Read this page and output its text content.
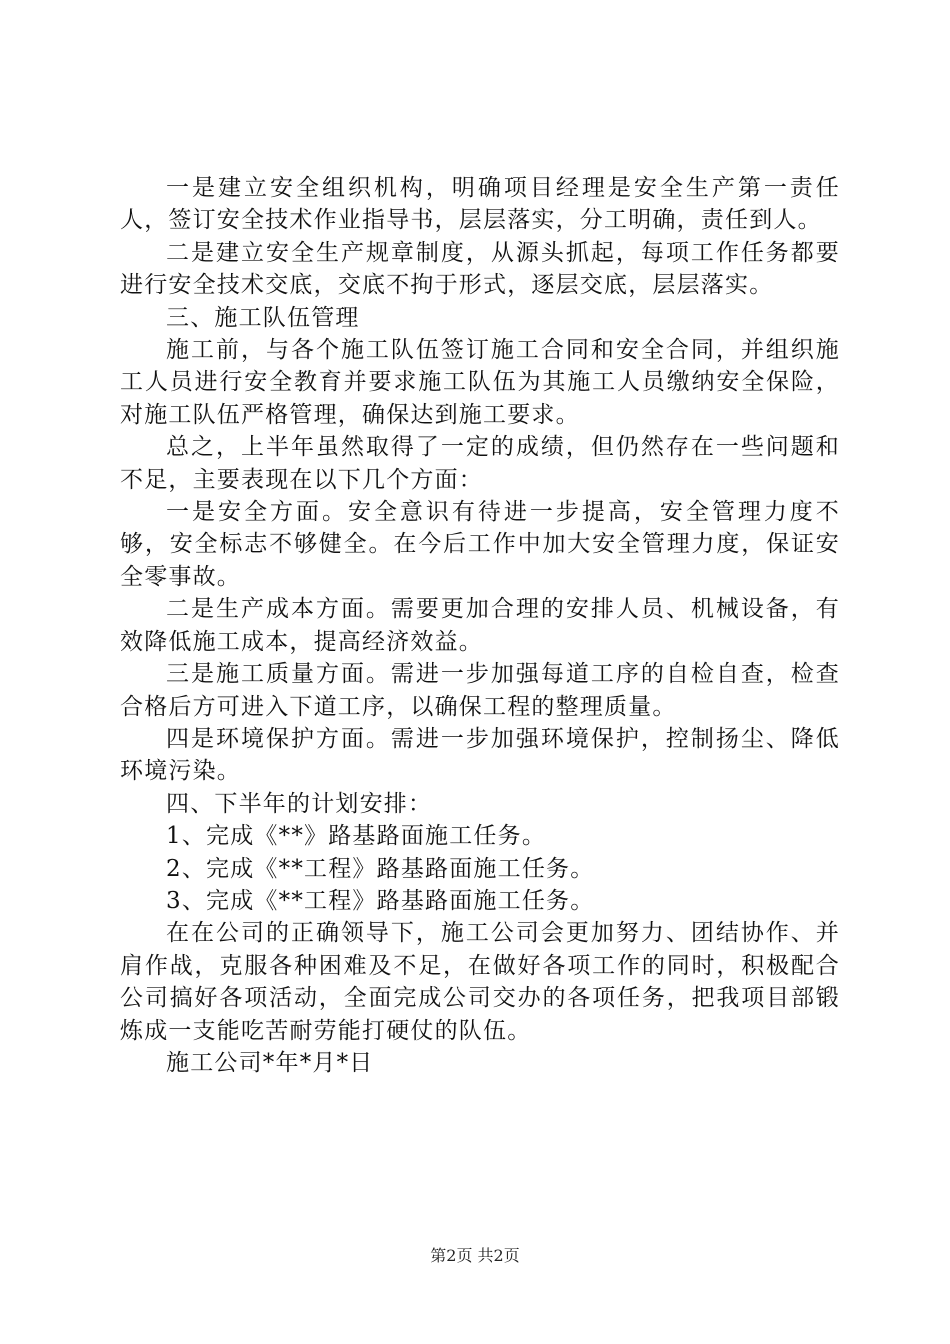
一是建立安全组织机构，明确项目经理是安全生产第一责任人，签订安全技术作业指导书，层层落实，分工明确，责任到人。

二是建立安全生产规章制度，从源头抓起，每项工作任务都要进行安全技术交底，交底不拘于形式，逐层交底，层层落实。

三、施工队伍管理

施工前，与各个施工队伍签订施工合同和安全合同，并组织施工人员进行安全教育并要求施工队伍为其施工人员缴纳安全保险，对施工队伍严格管理，确保达到施工要求。

总之，上半年虽然取得了一定的成绩，但仍然存在一些问题和不足，主要表现在以下几个方面：

一是安全方面。安全意识有待进一步提高，安全管理力度不够，安全标志不够健全。在今后工作中加大安全管理力度，保证安全零事故。

二是生产成本方面。需要更加合理的安排人员、机械设备，有效降低施工成本，提高经济效益。

三是施工质量方面。需进一步加强每道工序的自检自查，检查合格后方可进入下道工序，以确保工程的整理质量。

四是环境保护方面。需进一步加强环境保护，控制扬尘、降低环境污染。

四、下半年的计划安排：

1、完成《**》路基路面施工任务。

2、完成《**工程》路基路面施工任务。

3、完成《**工程》路基路面施工任务。

在在公司的正确领导下，施工公司会更加努力、团结协作、并肩作战，克服各种困难及不足，在做好各项工作的同时，积极配合公司搞好各项活动，全面完成公司交办的各项任务，把我项目部锻炼成一支能吃苦耐劳能打硬仗的队伍。

施工公司*年*月*日

第2页 共2页
